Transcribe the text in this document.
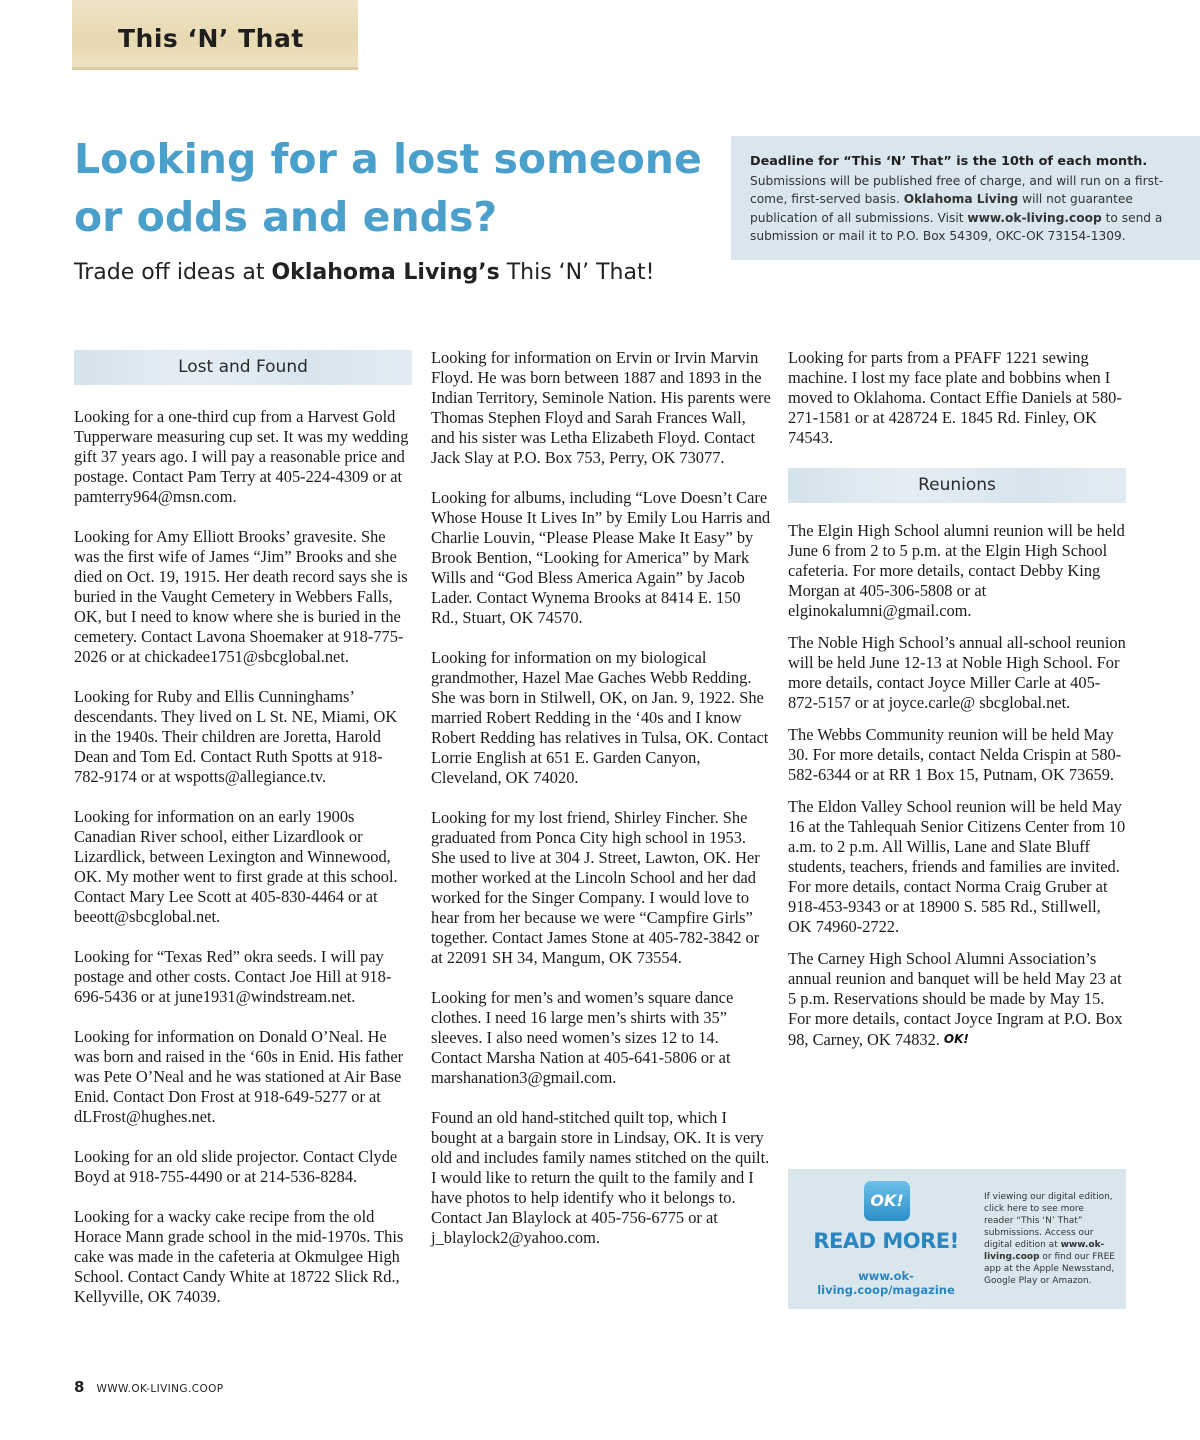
This ‘N’ That
Looking for a lost someone
or odds and ends?
Trade off ideas at Oklahoma Living’s This ‘N’ That!
Deadline for “This ‘N’ That” is the 10th of each month.
Submissions will be published free of charge, and will run on a first-come, first-served basis. Oklahoma Living will not guarantee publication of all submissions. Visit www.ok-living.coop to send a submission or mail it to P.O. Box 54309, OKC-OK 73154-1309.
Lost and Found

Looking for a one-third cup from a Harvest Gold Tupperware measuring cup set. It was my wedding gift 37 years ago. I will pay a reasonable price and postage. Contact Pam Terry at 405-224-4309 or at pamterry964@msn.com.

Looking for Amy Elliott Brooks’ gravesite. She was the first wife of James “Jim” Brooks and she died on Oct. 19, 1915. Her death record says she is buried in the Vaught Cemetery in Webbers Falls, OK, but I need to know where she is buried in the cemetery. Contact Lavona Shoemaker at 918-775-2026 or at chickadee1751@sbcglobal.net.

Looking for Ruby and Ellis Cunninghams’ descendants. They lived on L St. NE, Miami, OK in the 1940s. Their children are Joretta, Harold Dean and Tom Ed. Contact Ruth Spotts at 918-782-9174 or at wspotts@allegiance.tv.

Looking for information on an early 1900s Canadian River school, either Lizardlook or Lizardlick, between Lexington and Winnewood, OK. My mother went to first grade at this school. Contact Mary Lee Scott at 405-830-4464 or at beeott@sbcglobal.net.

Looking for “Texas Red” okra seeds. I will pay postage and other costs. Contact Joe Hill at 918-696-5436 or at june1931@windstream.net.

Looking for information on Donald O’Neal. He was born and raised in the ‘60s in Enid. His father was Pete O’Neal and he was stationed at Air Base Enid. Contact Don Frost at 918-649-5277 or at dLFrost@hughes.net.

Looking for an old slide projector. Contact Clyde Boyd at 918-755-4490 or at 214-536-8284.

Looking for a wacky cake recipe from the old Horace Mann grade school in the mid-1970s. This cake was made in the cafeteria at Okmulgee High School. Contact Candy White at 18722 Slick Rd., Kellyville, OK 74039.

Looking for information on Ervin or Irvin Marvin Floyd. He was born between 1887 and 1893 in the Indian Territory, Seminole Nation. His parents were Thomas Stephen Floyd and Sarah Frances Wall, and his sister was Letha Elizabeth Floyd. Contact Jack Slay at P.O. Box 753, Perry, OK 73077.

Looking for albums, including “Love Doesn’t Care Whose House It Lives In” by Emily Lou Harris and Charlie Louvin, “Please Please Make It Easy” by Brook Bention, “Looking for America” by Mark Wills and “God Bless America Again” by Jacob Lader. Contact Wynema Brooks at 8414 E. 150 Rd., Stuart, OK 74570.

Looking for information on my biological grandmother, Hazel Mae Gaches Webb Redding. She was born in Stilwell, OK, on Jan. 9, 1922. She married Robert Redding in the ‘40s and I know Robert Redding has relatives in Tulsa, OK. Contact Lorrie English at 651 E. Garden Canyon, Cleveland, OK 74020.

Looking for my lost friend, Shirley Fincher. She graduated from Ponca City high school in 1953. She used to live at 304 J. Street, Lawton, OK. Her mother worked at the Lincoln School and her dad worked for the Singer Company. I would love to hear from her because we were “Campfire Girls” together. Contact James Stone at 405-782-3842 or at 22091 SH 34, Mangum, OK 73554.

Looking for men’s and women’s square dance clothes. I need 16 large men’s shirts with 35” sleeves. I also need women’s sizes 12 to 14. Contact Marsha Nation at 405-641-5806 or at marshanation3@gmail.com.

Found an old hand-stitched quilt top, which I bought at a bargain store in Lindsay, OK. It is very old and includes family names stitched on the quilt. I would like to return the quilt to the family and I have photos to help identify who it belongs to. Contact Jan Blaylock at 405-756-6775 or at j_blaylock2@yahoo.com.

Looking for parts from a PFAFF 1221 sewing machine. I lost my face plate and bobbins when I moved to Oklahoma. Contact Effie Daniels at 580-271-1581 or at 428724 E. 1845 Rd. Finley, OK 74543.

Reunions

The Elgin High School alumni reunion will be held June 6 from 2 to 5 p.m. at the Elgin High School cafeteria. For more details, contact Debby King Morgan at 405-306-5808 or at elginokalumni@gmail.com.

The Noble High School’s annual all-school reunion will be held June 12-13 at Noble High School. For more details, contact Joyce Miller Carle at 405-872-5157 or at joyce.carle@ sbcglobal.net.

The Webbs Community reunion will be held May 30. For more details, contact Nelda Crispin at 580-582-6344 or at RR 1 Box 15, Putnam, OK 73659.

The Eldon Valley School reunion will be held May 16 at the Tahlequah Senior Citizens Center from 10 a.m. to 2 p.m. All Willis, Lane and Slate Bluff students, teachers, friends and families are invited. For more details, contact Norma Craig Gruber at 918-453-9343 or at 18900 S. 585 Rd., Stillwell, OK 74960-2722.

The Carney High School Alumni Association’s annual reunion and banquet will be held May 23 at 5 p.m. Reservations should be made by May 15. For more details, contact Joyce Ingram at P.O. Box 98, Carney, OK 74832. OK!

OK!
READ MORE!
www.ok-living.coop/magazine
If viewing our digital edition, click here to see more reader “This ‘N’ That” submissions. Access our digital edition at www.ok-living.coop or find our FREE app at the Apple Newsstand, Google Play or Amazon.
8 WWW.OK-LIVING.COOP
